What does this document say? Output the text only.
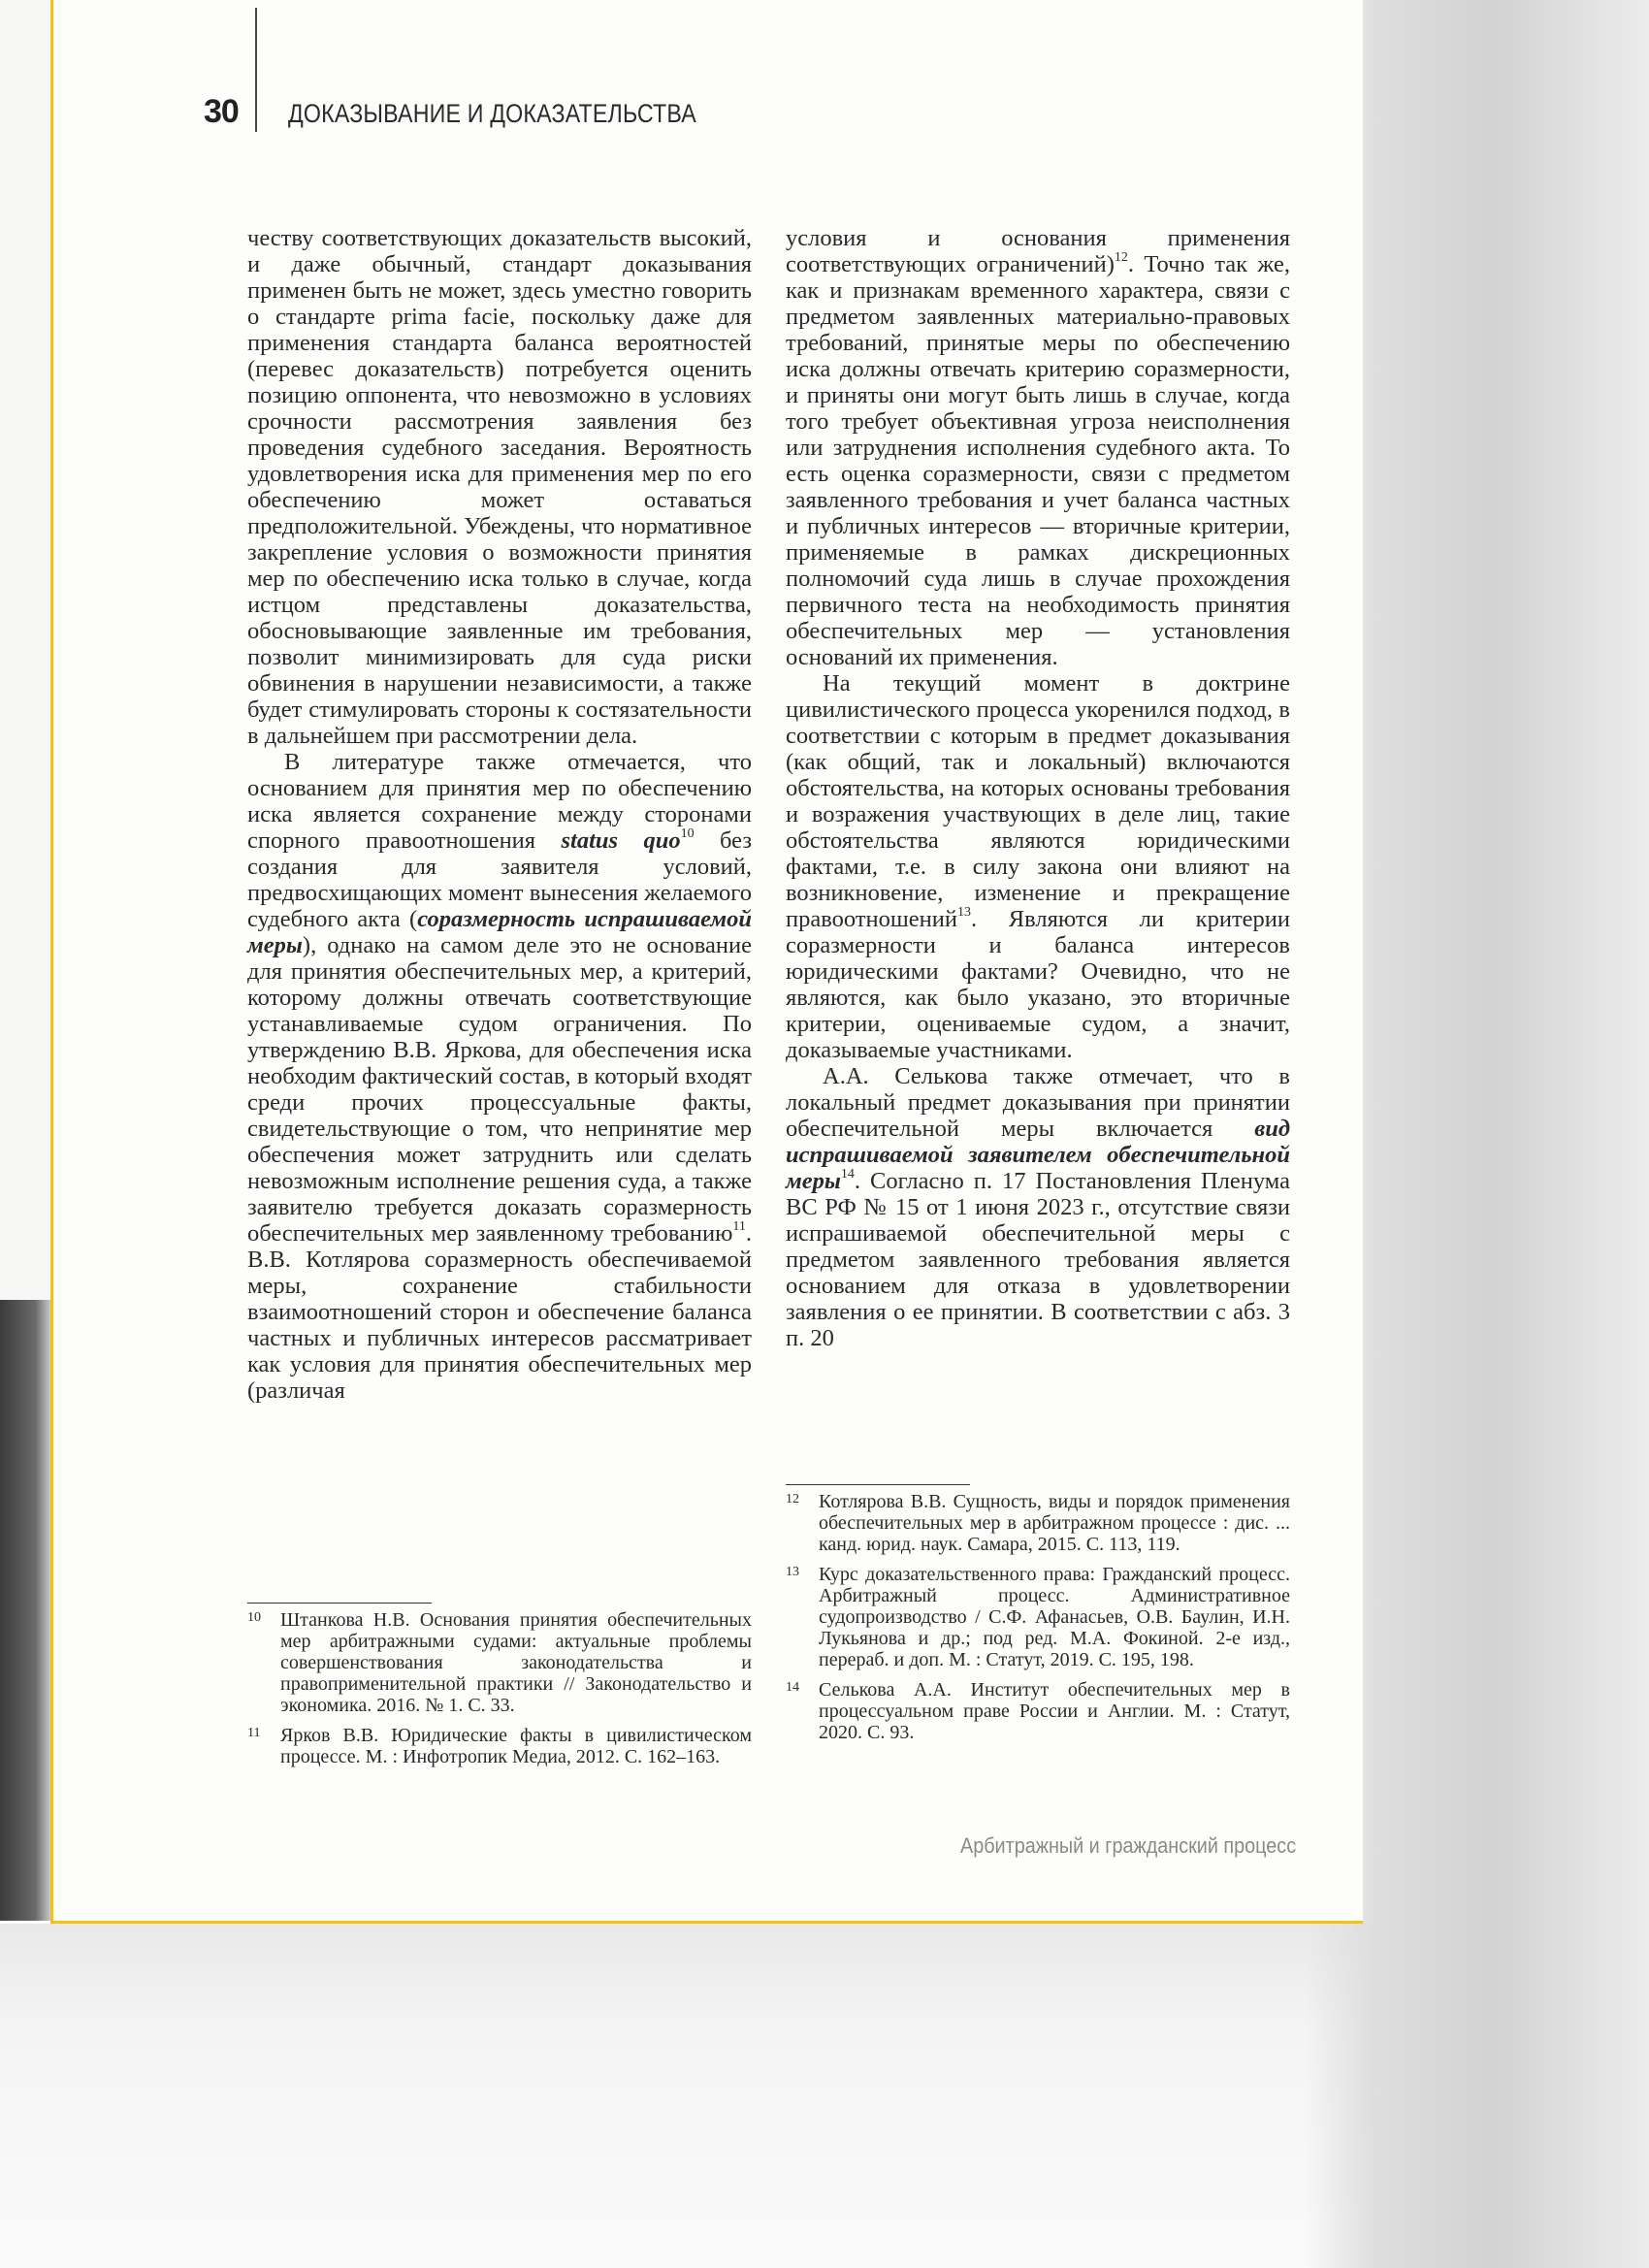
30 ДОКАЗЫВАНИЕ И ДОКАЗАТЕЛЬСТВА

честву соответствующих доказательств высокий, и даже обычный, стандарт доказывания применен быть не может, здесь уместно говорить о стандарте prima facie, поскольку даже для применения стандарта баланса вероятностей (перевес доказательств) потребуется оценить позицию оппонента, что невозможно в условиях срочности рассмотрения заявления без проведения судебного заседания. Вероятность удовлетворения иска для применения мер по его обеспечению может оставаться предположительной. Убеждены, что нормативное закрепление условия о возможности принятия мер по обеспечению иска только в случае, когда истцом представлены доказательства, обосновывающие заявленные им требования, позволит минимизировать для суда риски обвинения в нарушении независимости, а также будет стимулировать стороны к состязательности в дальнейшем при рассмотрении дела.

В литературе также отмечается, что основанием для принятия мер по обеспечению иска является сохранение между сторонами спорного правоотношения status quo$^{10}$ без создания для заявителя условий, предвосхищающих момент вынесения желаемого судебного акта (соразмерность испрашиваемой меры), однако на самом деле это не основание для принятия обеспечительных мер, а критерий, которому должны отвечать соответствующие устанавливаемые судом ограничения. По утверждению В.В. Яркова, для обеспечения иска необходим фактический состав, в который входят среди прочих процессуальные факты, свидетельствующие о том, что непринятие мер обеспечения может затруднить или сделать невозможным исполнение решения суда, а также заявителю требуется доказать соразмерность обеспечительных мер заявленному требованию$^{11}$. В.В. Котлярова соразмерность обеспечиваемой меры, сохранение стабильности взаимоотношений сторон и обеспечение баланса частных и публичных интересов рассматривает как условия для принятия обеспечительных мер (различая

условия и основания применения соответствующих ограничений)$^{12}$. Точно так же, как и признакам временного характера, связи с предметом заявленных материально-правовых требований, принятые меры по обеспечению иска должны отвечать критерию соразмерности, и приняты они могут быть лишь в случае, когда того требует объективная угроза неисполнения или затруднения исполнения судебного акта. То есть оценка соразмерности, связи с предметом заявленного требования и учет баланса частных и публичных интересов — вторичные критерии, применяемые в рамках дискреционных полномочий суда лишь в случае прохождения первичного теста на необходимость принятия обеспечительных мер — установления оснований их применения.

На текущий момент в доктрине цивилистического процесса укоренился подход, в соответствии с которым в предмет доказывания (как общий, так и локальный) включаются обстоятельства, на которых основаны требования и возражения участвующих в деле лиц, такие обстоятельства являются юридическими фактами, т.е. в силу закона они влияют на возникновение, изменение и прекращение правоотношений$^{13}$. Являются ли критерии соразмерности и баланса интересов юридическими фактами? Очевидно, что не являются, как было указано, это вторичные критерии, оцениваемые судом, а значит, доказываемые участниками.

А.А. Селькова также отмечает, что в локальный предмет доказывания при принятии обеспечительной меры включается вид испрашиваемой заявителем обеспечительной меры$^{14}$. Согласно п. 17 Постановления Пленума ВС РФ № 15 от 1 июня 2023 г., отсутствие связи испрашиваемой обеспечительной меры с предметом заявленного требования является основанием для отказа в удовлетворении заявления о ее принятии. В соответствии с абз. 3 п. 20

10	Штанкова Н.В. Основания принятия обеспечительных мер арбитражными судами: актуальные проблемы совершенствования законодательства и правоприменительной практики // Законодательство и экономика. 2016. № 1. С. 33.
11	Ярков В.В. Юридические факты в цивилистическом процессе. М. : Инфотропик Медиа, 2012. С. 162–163.
12	Котлярова В.В. Сущность, виды и порядок применения обеспечительных мер в арбитражном процессе : дис. ... канд. юрид. наук. Самара, 2015. С. 113, 119.
13	Курс доказательственного права: Гражданский процесс. Арбитражный процесс. Административное судопроизводство / С.Ф. Афанасьев, О.В. Баулин, И.Н. Лукьянова и др.; под ред. М.А. Фокиной. 2-е изд., перераб. и доп. М. : Статут, 2019. С. 195, 198.
14	Селькова А.А. Институт обеспечительных мер в процессуальном праве России и Англии. М. : Статут, 2020. С. 93.
Арбитражный и гражданский процесс
